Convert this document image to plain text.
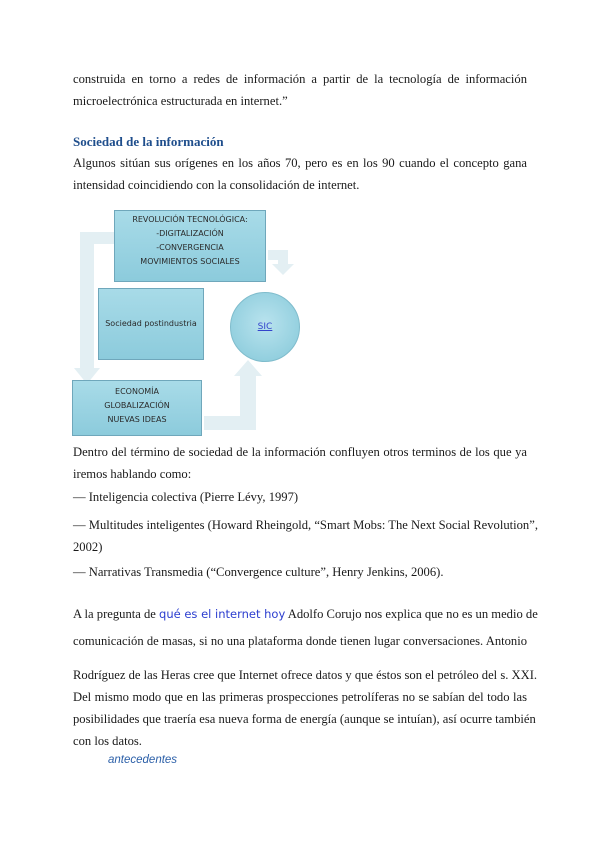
construida en torno a redes de información a partir de la tecnología de información
microelectrónica estructurada en internet.”

Sociedad de la información

Algunos sitúan sus orígenes en los años 70, pero es en los 90 cuando el concepto gana
intensidad coincidiendo con la consolidación de internet.

REVOLUCIÓN TECNOLÓGICA:
-DIGITALIZACIÓN
-CONVERGENCIA
MOVIMIENTOS SOCIALES
Sociedad postindustria	SIC
ECONOMÍA
GLOBALIZACIÓN
NUEVAS IDEAS

Dentro del término de sociedad de la información confluyen otros terminos de los que ya
iremos hablando como:

— Inteligencia colectiva (Pierre Lévy, 1997)

— Multitudes inteligentes (Howard Rheingold, “Smart Mobs: The Next Social Revolution”,
2002)

— Narrativas Transmedia (“Convergence culture”, Henry Jenkins, 2006).

A la pregunta de qué es el internet hoy Adolfo Corujo nos explica que no es un medio de

comunicación de masas, si no una plataforma donde tienen lugar conversaciones. Antonio

Rodríguez de las Heras cree que Internet ofrece datos y que éstos son el petróleo del s. XXI.
Del mismo modo que en las primeras prospecciones petrolíferas no se sabían del todo las
posibilidades que traería esa nueva forma de energía (aunque se intuían), así ocurre también
con los datos.

antecedentes
